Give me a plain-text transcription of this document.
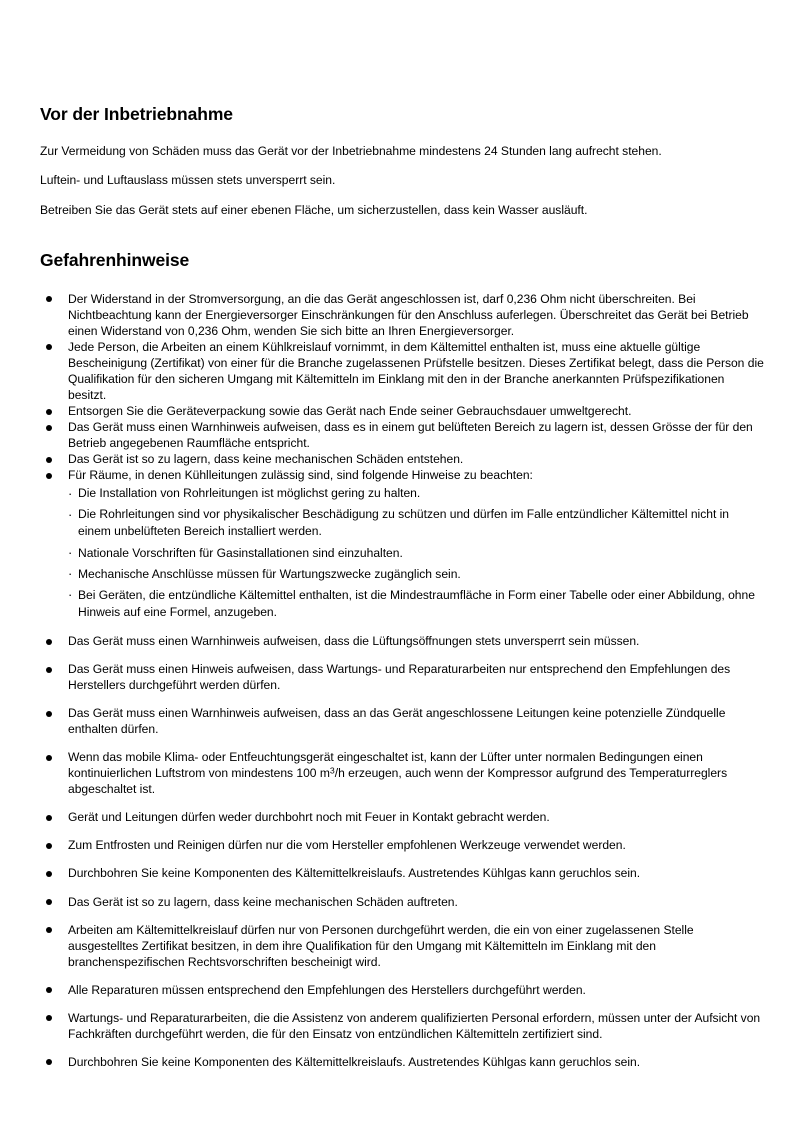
Vor der Inbetriebnahme

Zur Vermeidung von Schäden muss das Gerät vor der Inbetriebnahme mindestens 24 Stunden lang aufrecht stehen.

Luftein- und Luftauslass müssen stets unversperrt sein.

Betreiben Sie das Gerät stets auf einer ebenen Fläche, um sicherzustellen, dass kein Wasser ausläuft.

Gefahrenhinweise
Der Widerstand in der Stromversorgung, an die das Gerät angeschlossen ist, darf 0,236 Ohm nicht überschreiten. Bei Nichtbeachtung kann der Energieversorger Einschränkungen für den Anschluss auferlegen. Überschreitet das Gerät bei Betrieb einen Widerstand von 0,236 Ohm, wenden Sie sich bitte an Ihren Energieversorger.
Jede Person, die Arbeiten an einem Kühlkreislauf vornimmt, in dem Kältemittel enthalten ist, muss eine aktuelle gültige Bescheinigung (Zertifikat) von einer für die Branche zugelassenen Prüfstelle besitzen. Dieses Zertifikat belegt, dass die Person die Qualifikation für den sicheren Umgang mit Kältemitteln im Einklang mit den in der Branche anerkannten Prüfspezifikationen besitzt.
Entsorgen Sie die Geräteverpackung sowie das Gerät nach Ende seiner Gebrauchsdauer umweltgerecht.
Das Gerät muss einen Warnhinweis aufweisen, dass es in einem gut belüfteten Bereich zu lagern ist, dessen Grösse der für den Betrieb angegebenen Raumfläche entspricht.
Das Gerät ist so zu lagern, dass keine mechanischen Schäden entstehen.
Für Räume, in denen Kühlleitungen zulässig sind, sind folgende Hinweise zu beachten:
· Die Installation von Rohrleitungen ist möglichst gering zu halten.
· Die Rohrleitungen sind vor physikalischer Beschädigung zu schützen und dürfen im Falle entzündlicher Kältemittel nicht in einem unbelüfteten Bereich installiert werden.
· Nationale Vorschriften für Gasinstallationen sind einzuhalten.
· Mechanische Anschlüsse müssen für Wartungszwecke zugänglich sein.
· Bei Geräten, die entzündliche Kältemittel enthalten, ist die Mindestraumfläche in Form einer Tabelle oder einer Abbildung, ohne Hinweis auf eine Formel, anzugeben.
Das Gerät muss einen Warnhinweis aufweisen, dass die Lüftungsöffnungen stets unversperrt sein müssen.
Das Gerät muss einen Hinweis aufweisen, dass Wartungs- und Reparaturarbeiten nur entsprechend den Empfehlungen des Herstellers durchgeführt werden dürfen.
Das Gerät muss einen Warnhinweis aufweisen, dass an das Gerät angeschlossene Leitungen keine potenzielle Zündquelle enthalten dürfen.
Wenn das mobile Klima- oder Entfeuchtungsgerät eingeschaltet ist, kann der Lüfter unter normalen Bedingungen einen kontinuierlichen Luftstrom von mindestens 100 $m^3/h$ erzeugen, auch wenn der Kompressor aufgrund des Temperaturreglers abgeschaltet ist.
Gerät und Leitungen dürfen weder durchbohrt noch mit Feuer in Kontakt gebracht werden.
Zum Entfrosten und Reinigen dürfen nur die vom Hersteller empfohlenen Werkzeuge verwendet werden.
Durchbohren Sie keine Komponenten des Kältemittelkreislaufs. Austretendes Kühlgas kann geruchlos sein.
Das Gerät ist so zu lagern, dass keine mechanischen Schäden auftreten.
Arbeiten am Kältemittelkreislauf dürfen nur von Personen durchgeführt werden, die ein von einer zugelassenen Stelle ausgestelltes Zertifikat besitzen, in dem ihre Qualifikation für den Umgang mit Kältemitteln im Einklang mit den branchenspezifischen Rechtsvorschriften bescheinigt wird.
Alle Reparaturen müssen entsprechend den Empfehlungen des Herstellers durchgeführt werden.
Wartungs- und Reparaturarbeiten, die die Assistenz von anderem qualifizierten Personal erfordern, müssen unter der Aufsicht von Fachkräften durchgeführt werden, die für den Einsatz von entzündlichen Kältemitteln zertifiziert sind.
Durchbohren Sie keine Komponenten des Kältemittelkreislaufs. Austretendes Kühlgas kann geruchlos sein.
